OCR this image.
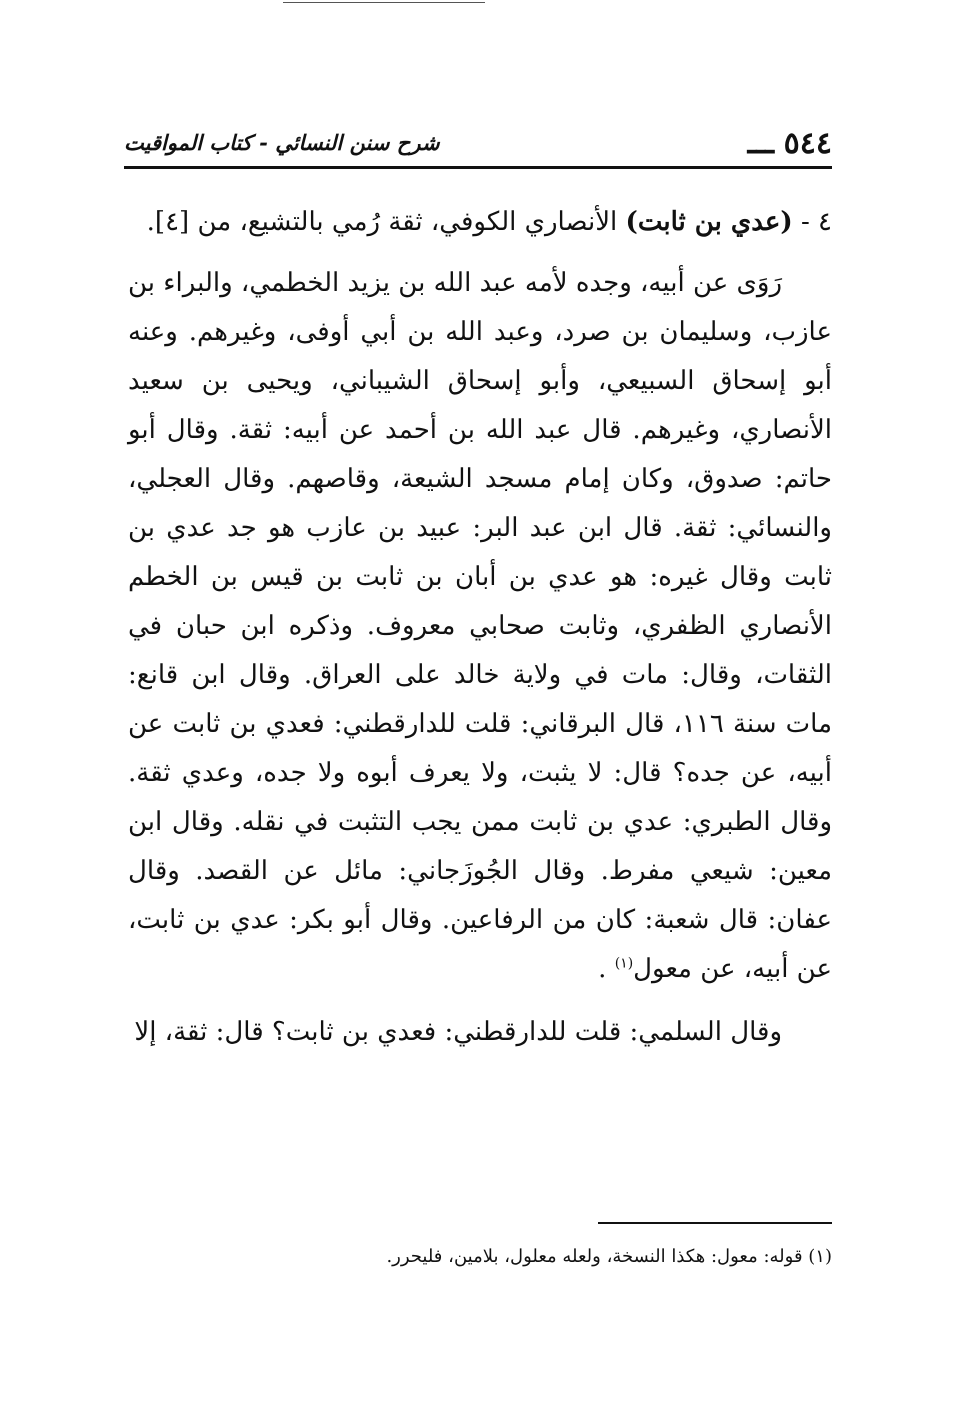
٥٤٤
ـــ
شرح سنن النسائي - كتاب المواقيت

٤ - (عدي بن ثابت) الأنصاري الكوفي، ثقة رُمي بالتشيع، من [٤].

رَوَى عن أبيه، وجده لأمه عبد الله بن يزيد الخطمي، والبراء بن عازب، وسليمان بن صرد، وعبد الله بن أبي أوفى، وغيرهم. وعنه أبو إسحاق السبيعي، وأبو إسحاق الشيباني، ويحيى بن سعيد الأنصاري، وغيرهم. قال عبد الله بن أحمد عن أبيه: ثقة. وقال أبو حاتم: صدوق، وكان إمام مسجد الشيعة، وقاصهم. وقال العجلي، والنسائي: ثقة. قال ابن عبد البر: عبيد بن عازب هو جد عدي بن ثابت وقال غيره: هو عدي بن أبان بن ثابت بن قيس بن الخطم الأنصاري الظفري، وثابت صحابي معروف. وذكره ابن حبان في الثقات، وقال: مات في ولاية خالد على العراق. وقال ابن قانع: مات سنة ١١٦، قال البرقاني: قلت للدارقطني: فعدي بن ثابت عن أبيه، عن جده؟ قال: لا يثبت، ولا يعرف أبوه ولا جده، وعدي ثقة. وقال الطبري: عدي بن ثابت ممن يجب التثبت في نقله. وقال ابن معين: شيعي مفرط. وقال الجُوزَجاني: مائل عن القصد. وقال عفان: قال شعبة: كان من الرفاعين. وقال أبو بكر: عدي بن ثابت، عن أبيه، عن معول$^{(١)}$ .

وقال السلمي: قلت للدارقطني: فعدي بن ثابت؟ قال: ثقة، إلا

(١) قوله: معول: هكذا النسخة، ولعله معلول، بلامين، فليحرر.
